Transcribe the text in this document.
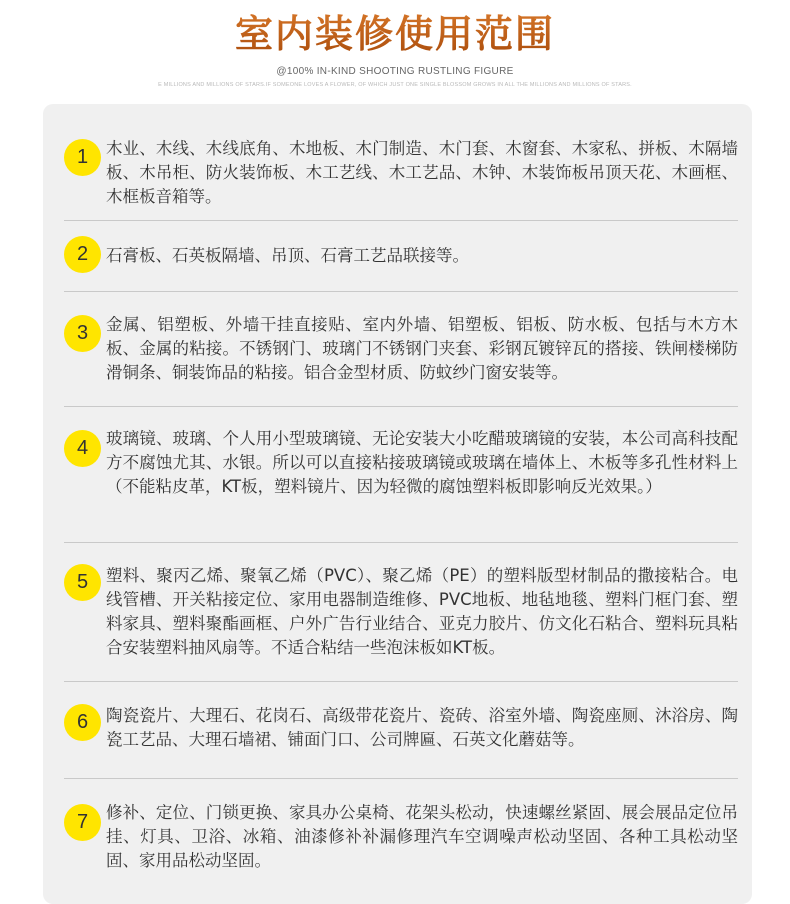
室内装修使用范围
@100% IN-KIND SHOOTING RUSTLING FIGURE
E MILLIONS AND MILLIONS OF STARS.IF SOMEONE LOVES A FLOWER, OF WHICH JUST ONE SINGLE BLOSSOM GROWS IN ALL THE MILLIONS AND MILLIONS OF STARS.
1	木业、木线、木线底角、木地板、木门制造、木门套、木窗套、木家私、拼板、木隔墙板、木吊柜、防火装饰板、木工艺线、木工艺品、木钟、木装饰板吊顶天花、木画框、木框板音箱等。
2	石膏板、石英板隔墙、吊顶、石膏工艺品联接等。
3	金属、铝塑板、外墙干挂直接贴、室内外墙、铝塑板、铝板、防水板、包括与木方木板、金属的粘接。不锈钢门、玻璃门不锈钢门夹套、彩钢瓦镀锌瓦的搭接、铁闸楼梯防滑铜条、铜装饰品的粘接。铝合金型材质、防蚊纱门窗安装等。
4	玻璃镜、玻璃、个人用小型玻璃镜、无论安装大小吃醋玻璃镜的安装，本公司高科技配方不腐蚀尤其、水银。所以可以直接粘接玻璃镜或玻璃在墙体上、木板等多孔性材料上（不能粘皮革，KT板，塑料镜片、因为轻微的腐蚀塑料板即影响反光效果。）
5	塑料、聚丙乙烯、聚氧乙烯（PVC）、聚乙烯（PE）的塑料版型材制品的撒接粘合。电线管槽、开关粘接定位、家用电器制造维修、PVC地板、地毡地毯、塑料门框门套、塑料家具、塑料聚酯画框、户外广告行业结合、亚克力胶片、仿文化石粘合、塑料玩具粘合安装塑料抽风扇等。不适合粘结一些泡沫板如KT板。
6	陶瓷瓷片、大理石、花岗石、高级带花瓷片、瓷砖、浴室外墙、陶瓷座厕、沐浴房、陶瓷工艺品、大理石墙裙、铺面门口、公司牌匾、石英文化蘑菇等。
7	修补、定位、门锁更换、家具办公桌椅、花架头松动，快速螺丝紧固、展会展品定位吊挂、灯具、卫浴、冰箱、油漆修补补漏修理汽车空调噪声松动坚固、各种工具松动坚固、家用品松动坚固。
